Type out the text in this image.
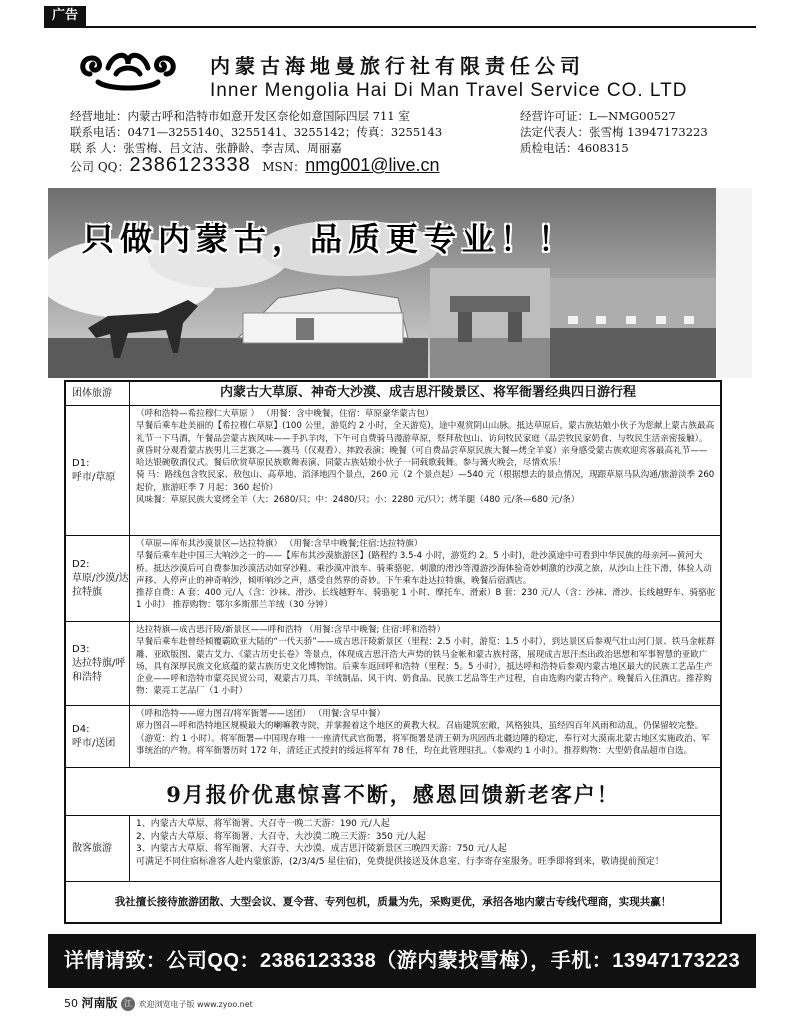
广告
内蒙古海地曼旅行社有限责任公司
Inner Mengolia Hai Di Man Travel Service CO. LTD
经营地址：内蒙古呼和浩特市如意开发区奈伦如意国际四层 711 室
联系电话：0471—3255140、3255141、3255142；传真：3255143
联 系 人：张雪梅、吕文洁、张静龄、李吉凤、周丽嘉
经营许可证：L—NMG00527
法定代表人：张雪梅 13947173223
质检电话：4608315
公司 QQ：2386123338 MSN：nmg001@live.cn
只做内蒙古，品质更专业！！
团体旅游	内蒙古大草原、神奇大沙漠、成吉思汗陵景区、将军衙署经典四日游行程
D1:
呼市/草原

（呼和浩特—希拉穆仁大草原 ） （用餐：含中晚餐，住宿：草原豪华蒙古包）

早餐后乘车赴美丽的【希拉穆仁草原】(100 公里，游览约 2 小时，全天游览)，途中观赏阴山山脉。抵达草原后，蒙古族姑娘小伙子为您献上蒙古族最高礼节一下马酒，午餐品尝蒙古族风味——手扒羊肉，下午可自费骑马漫游草原，祭拜敖包山、访问牧民家庭（品尝牧民家奶食、与牧民生活亲密接触）。黄昏时分观看蒙古族男儿三艺赛之——赛马（仅观看）、摔跤表演；晚餐（可自费品尝草原民族大餐—烤全羊宴）亲身感受蒙古族欢迎宾客最高礼节——哈达银碗敬酒仪式。餐后欣赏草原民族歌舞表演、同蒙古族姑娘小伙子一同载歌载舞。参与篝火晚会，尽情欢乐！

骑 马：路线包含牧民家、敖包山、高草地、滔泽地四个景点，260 元（2 个景点起）—540 元（根据想去的景点情况，现跟草原马队沟通/旅游淡季 260 起价，旅游旺季 7 月起：360 起价）

风味餐：草原民族大宴烤全羊（大：2680/只；中：2480/只；小：2280 元/只）；烤羊腿（480 元/条—680 元/条）

D2:
草原/沙漠/达拉特旗

（草原—库布其沙漠景区—达拉特旗） （用餐:含早中晚餐;住宿:达拉特旗）

早餐后乘车赴中国三大响沙之一的——【库布其沙漠旅游区】(路程约 3.5-4 小时，游览约 2。5 小时)，赴沙漠途中可看到中华民族的母亲河—黄河大桥。抵达沙漠后可自费参加沙漠活动如穿沙鞋、乘沙漠冲浪车、骑乘骆驼、刺激的滑沙等漫游沙海体验奇妙刺激的沙漠之旅，从沙山上往下滑，体验人动声移、人停声止的神奇响沙，倾听响沙之声，感受自然界的奇妙。下午乘车赴达拉特旗，晚餐后宿酒店。

推荐自费：A 套：400 元/人（含：沙袜、滑沙、长线越野车、骑骆驼 1 小时、摩托车、滑索）B 套：230 元/人（含：沙袜、滑沙、长线越野车、骑骆驼 1 小时） 推荐购物：鄂尔多斯那兰羊绒（30 分钟）

D3:
达拉特旗/呼和浩特

达拉特旗—成吉思汗陵/新景区——呼和浩特 （用餐:含早中晚餐; 住宿:呼和浩特）

早餐后乘车赴曾经倾覆霸欧亚大陆的“一代天骄”——成吉思汗陵新景区（里程：2.5 小时，游览：1.5 小时），到达景区后参观气壮山河门景、铁马金帐群雕、亚欧版图、蒙古艾力、《蒙古历史长卷》等景点，体现成吉思汗浩大声势的铁马金帐和蒙古族村落，展现成吉思汗杰出政治思想和军事智慧的亚欧广场，具有深厚民族文化底蕴的蒙古族历史文化博物馆。后乘车返回呼和浩特（里程：5。5 小时），抵达呼和浩特后参观内蒙古地区最大的民族工艺品生产企业——呼和浩特市蒙亮民贸公司，观蒙古刀具、羊绒制品、风干肉、奶食品、民族工艺品等生产过程，自由选购内蒙古特产。晚餐后入住酒店。推荐购物：蒙亮工艺品厂（1 小时）

D4:
呼市/送团

（呼和浩特——席力图召/将军衙署——送团） （用餐:含早中餐）

席力图召—呼和浩特地区规模最大的喇嘛教寺院，并掌握着这个地区的黄教大权。召庙建筑宏敞，风格独具，虽经四百年风雨和动乱，仍保留较完整。（游览：约 1 小时）。将军衙署—中国现存唯一一座清代武官衙署，将军衙署是清王朝为巩固西北疆边陲的稳定，奉行对大漠南北蒙古地区实施政治、军事统治的产物。将军衙署历时 172 年，清廷正式授封的绥远将军有 78 任，均在此管理驻扎。（参观约 1 小时）。推荐购物：大型奶食品超市自选。

9月报价优惠惊喜不断，感恩回馈新老客户！
散客旅游

1、内蒙古大草原、将军衙署、大召寺一晚二天游：190 元/人起

2、内蒙古大草原、将军衙署、大召寺、大沙漠二晚三天游：350 元/人起

3、内蒙古大草原、将军衙署、大召寺、大沙漠、成吉思汗陵新景区三晚四天游：750 元/人起

可满足不同住宿标准客人赴内蒙旅游，(2/3/4/5 星住宿)，免费提供接送及休息室、行李寄存室服务。旺季即将到来，敬请提前预定！

我社擅长接待旅游团散、大型会议、夏令营、专列包机，质量为先，采购更优，承招各地内蒙古专线代理商，实现共赢！
详情请致：公司QQ：2386123338（游内蒙找雪梅），手机：13947173223
50 河南版 江 欢迎浏览电子版 www.zyoo.net
